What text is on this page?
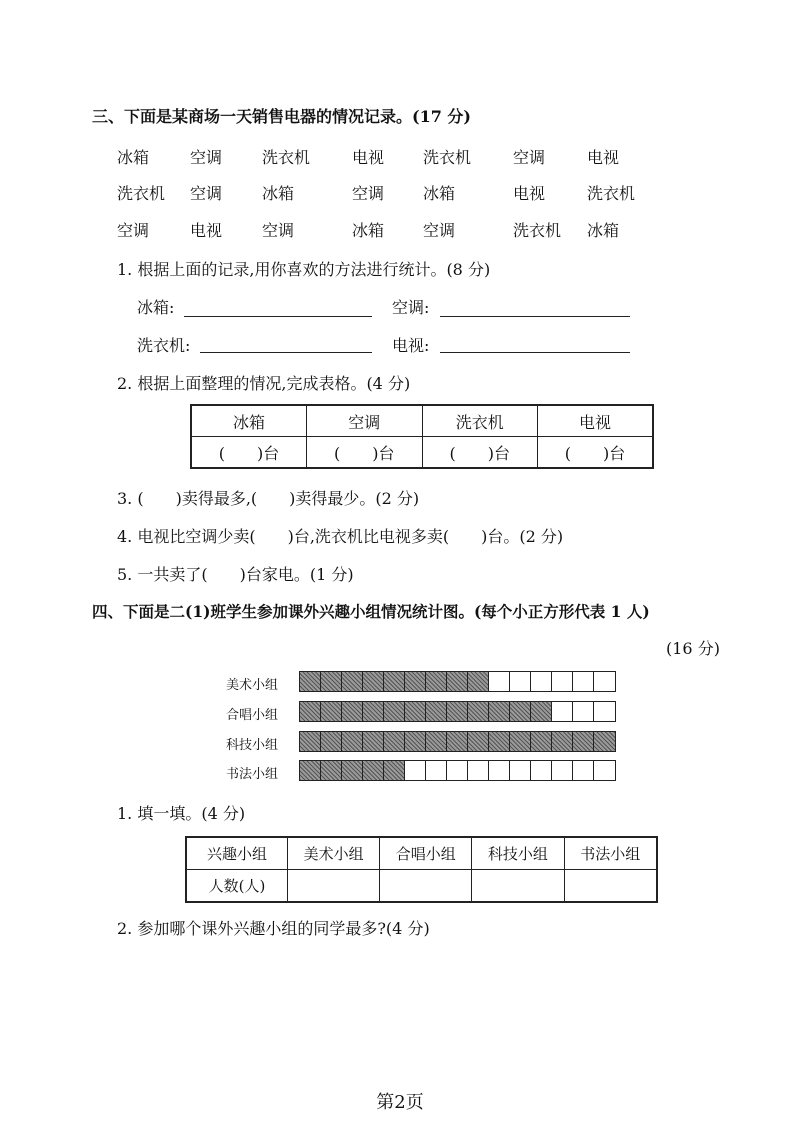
三、下面是某商场一天销售电器的情况记录。(17 分)
冰箱	空调 洗衣机	电视 洗衣机	空调	电视
洗衣机 空调 冰箱	空调 冰箱	电视	洗衣机
空调	电视 空调	冰箱 空调	洗衣机 冰箱
1. 根据上面的记录,用你喜欢的方法进行统计。(8 分)
冰箱:	空调:
洗衣机:	电视:
2. 根据上面整理的情况,完成表格。(4 分)
冰箱	空调	洗衣机	电视
(　　)台	(　　)台	(　　)台	(　　)台
3. (　　)卖得最多,(　　)卖得最少。(2 分)
4. 电视比空调少卖(　　)台,洗衣机比电视多卖(　　)台。(2 分)
5. 一共卖了(　　)台家电。(1 分)
四、下面是二(1)班学生参加课外兴趣小组情况统计图。(每个小正方形代表 1 人)
(16 分)
美术小组
合唱小组
科技小组
书法小组
1. 填一填。(4 分)
兴趣小组	美术小组	合唱小组	科技小组	书法小组
人数(人)				
2. 参加哪个课外兴趣小组的同学最多?(4 分)
第2页
